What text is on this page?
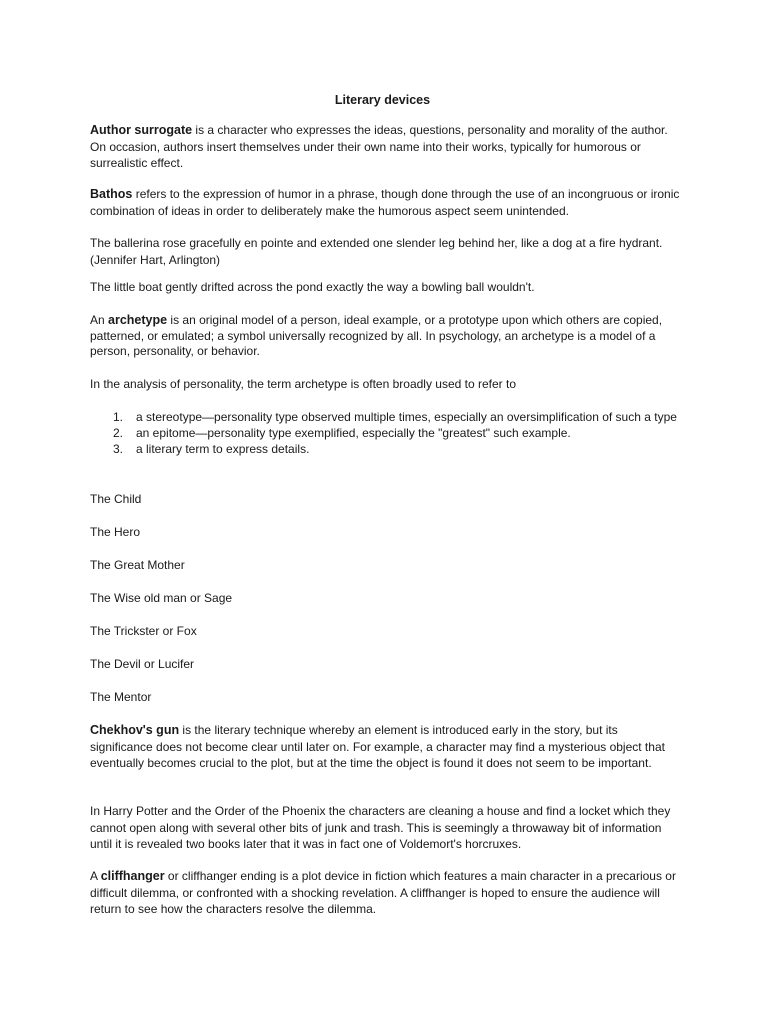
Literary devices

Author surrogate is a character who expresses the ideas, questions, personality and morality of the author. On occasion, authors insert themselves under their own name into their works, typically for humorous or surrealistic effect.

Bathos refers to the expression of humor in a phrase, though done through the use of an incongruous or ironic combination of ideas in order to deliberately make the humorous aspect seem unintended.

The ballerina rose gracefully en pointe and extended one slender leg behind her, like a dog at a fire hydrant. (Jennifer Hart, Arlington)

The little boat gently drifted across the pond exactly the way a bowling ball wouldn't.

An archetype is an original model of a person, ideal example, or a prototype upon which others are copied, patterned, or emulated; a symbol universally recognized by all. In psychology, an archetype is a model of a person, personality, or behavior.

In the analysis of personality, the term archetype is often broadly used to refer to

1. a stereotype—personality type observed multiple times, especially an oversimplification of such a type
2. an epitome—personality type exemplified, especially the "greatest" such example.
3. a literary term to express details.
The Child
The Hero
The Great Mother
The Wise old man or Sage
The Trickster or Fox
The Devil or Lucifer
The Mentor

Chekhov's gun is the literary technique whereby an element is introduced early in the story, but its significance does not become clear until later on. For example, a character may find a mysterious object that eventually becomes crucial to the plot, but at the time the object is found it does not seem to be important.

In Harry Potter and the Order of the Phoenix the characters are cleaning a house and find a locket which they cannot open along with several other bits of junk and trash. This is seemingly a throwaway bit of information until it is revealed two books later that it was in fact one of Voldemort's horcruxes.

A cliffhanger or cliffhanger ending is a plot device in fiction which features a main character in a precarious or difficult dilemma, or confronted with a shocking revelation. A cliffhanger is hoped to ensure the audience will return to see how the characters resolve the dilemma.
